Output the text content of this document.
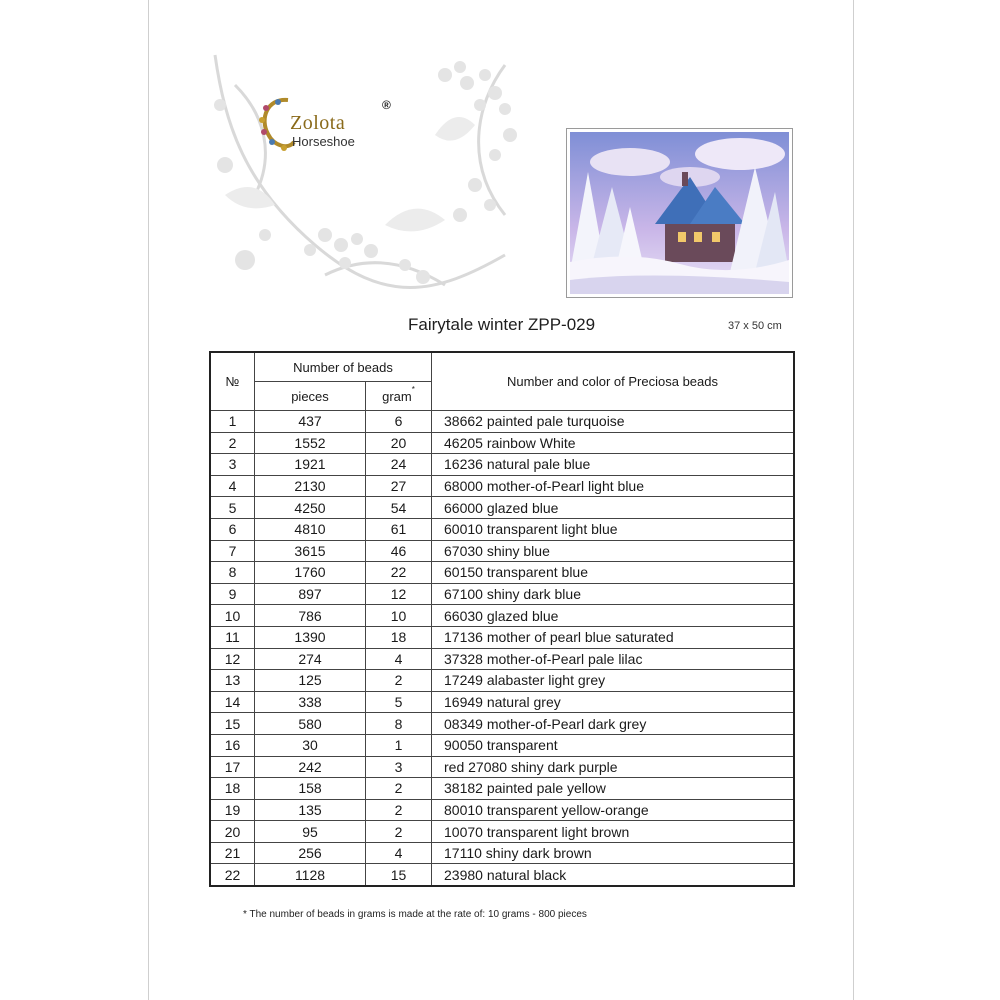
Zolota
®
Horseshoe
Fairytale winter ZPP-029	37 x 50 cm
№	Number of beads		Number and color of Preciosa beads
	pieces	gram*
1	437	6	38662 painted pale turquoise
2	1552	20	46205 rainbow White
3	1921	24	16236 natural pale blue
4	2130	27	68000 mother-of-Pearl light blue
5	4250	54	66000 glazed blue
6	4810	61	60010 transparent light blue
7	3615	46	67030 shiny blue
8	1760	22	60150 transparent blue
9	897	12	67100 shiny dark blue
10	786	10	66030 glazed blue
11	1390	18	17136 mother of pearl blue saturated
12	274	4	37328 mother-of-Pearl pale lilac
13	125	2	17249 alabaster light grey
14	338	5	16949 natural grey
15	580	8	08349 mother-of-Pearl dark grey
16	30	1	90050 transparent
17	242	3	red 27080 shiny dark purple
18	158	2	38182 painted pale yellow
19	135	2	80010 transparent yellow-orange
20	95	2	10070 transparent light brown
21	256	4	17110 shiny dark brown
22	1128	15	23980 natural black
* The number of beads in grams is made at the rate of: 10 grams - 800 pieces
